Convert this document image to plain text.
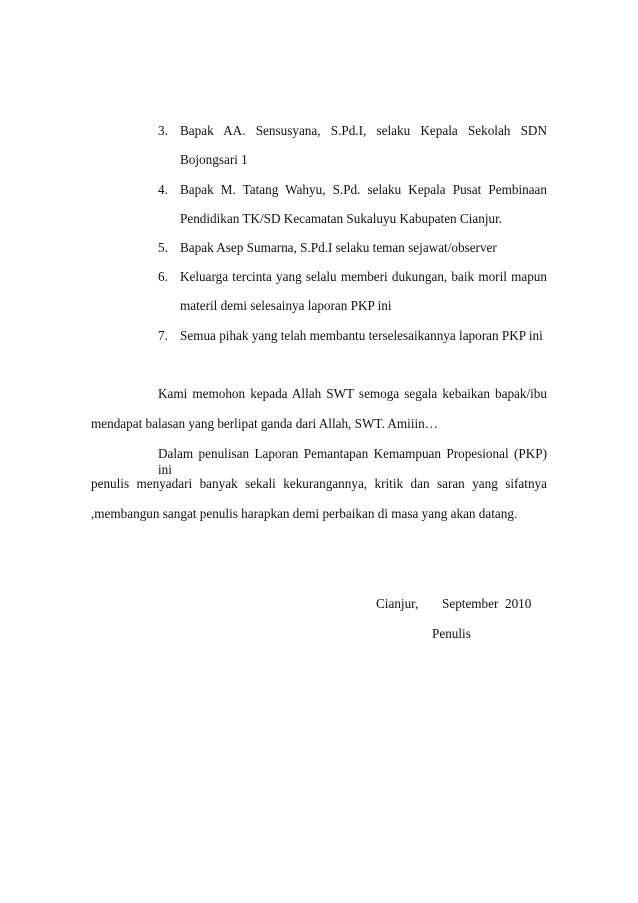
3. Bapak AA. Sensusyana, S.Pd.I, selaku Kepala Sekolah SDN
Bojongsari 1
4. Bapak M. Tatang Wahyu, S.Pd. selaku Kepala Pusat Pembinaan
Pendidikan TK/SD Kecamatan Sukaluyu Kabupaten Cianjur.
5. Bapak Asep Sumarna, S.Pd.I selaku teman sejawat/observer
6. Keluarga tercinta yang selalu memberi dukungan, baik moril mapun
materil demi selesainya laporan PKP ini
7. Semua pihak yang telah membantu terselesaikannya laporan PKP ini
Kami memohon kepada Allah SWT semoga segala kebaikan bapak/ibu
mendapat balasan yang berlipat ganda dari Allah, SWT. Amiiin…
Dalam penulisan Laporan Pemantapan Kemampuan Propesional (PKP) ini
penulis menyadari banyak sekali kekurangannya, kritik dan saran yang sifatnya
,membangun sangat penulis harapkan demi perbaikan di masa yang akan datang.
Cianjur, September  2010
Penulis
